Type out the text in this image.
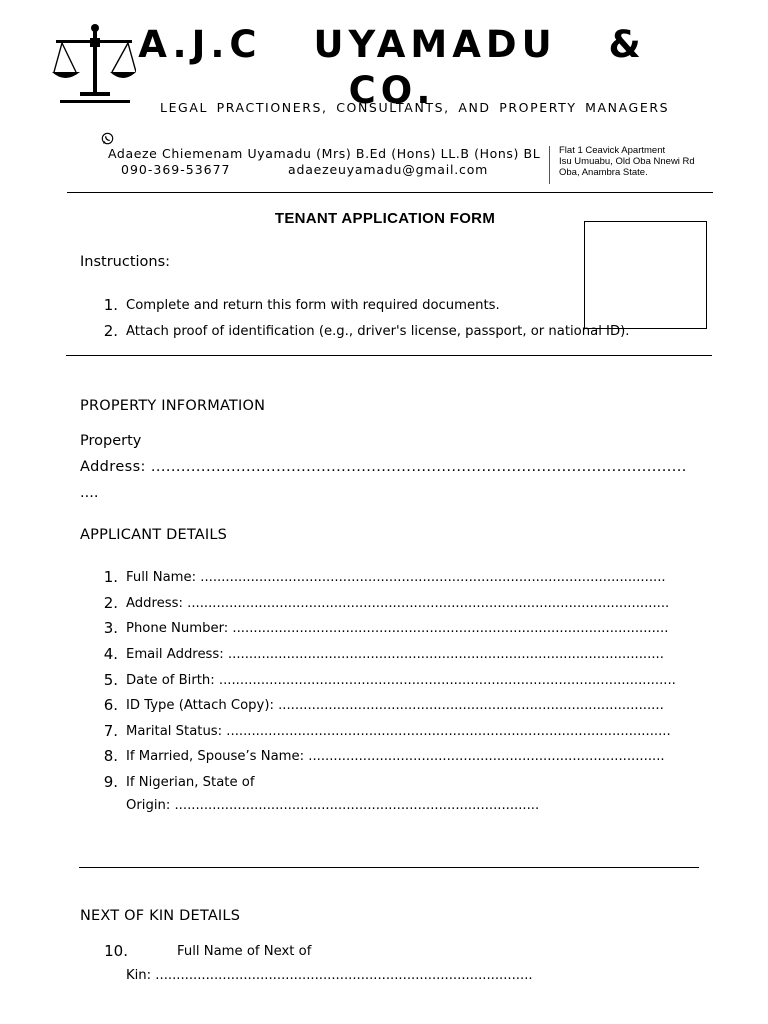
A.J.C UYAMADU & CO.
LEGAL PRACTIONERS, CONSULTANTS, AND PROPERTY MANAGERS
Adaeze Chiemenam Uyamadu (Mrs) B.Ed (Hons) LL.B (Hons) BL
090-369-53677	adaezeuyamadu@gmail.com
Flat 1 Ceavick Apartment
Isu Umuabu, Old Oba Nnewi Rd
Oba, Anambra State.
TENANT APPLICATION FORM
Instructions:
1. Complete and return this form with required documents.
2. Attach proof of identification (e.g., driver's license, passport, or national ID).
PROPERTY INFORMATION
Property
Address: ...........................................................................................................
....
APPLICANT DETAILS
1. Full Name: ...............................................................................................................
2. Address: ...................................................................................................................
3. Phone Number: ........................................................................................................
4. Email Address: ........................................................................................................
5. Date of Birth: .............................................................................................................
6. ID Type (Attach Copy): ............................................................................................
7. Marital Status: ..........................................................................................................
8. If Married, Spouse’s Name: .....................................................................................
9. If Nigerian, State of
Origin: .......................................................................................
NEXT OF KIN DETAILS
10.	Full Name of Next of
Kin: ..........................................................................................
